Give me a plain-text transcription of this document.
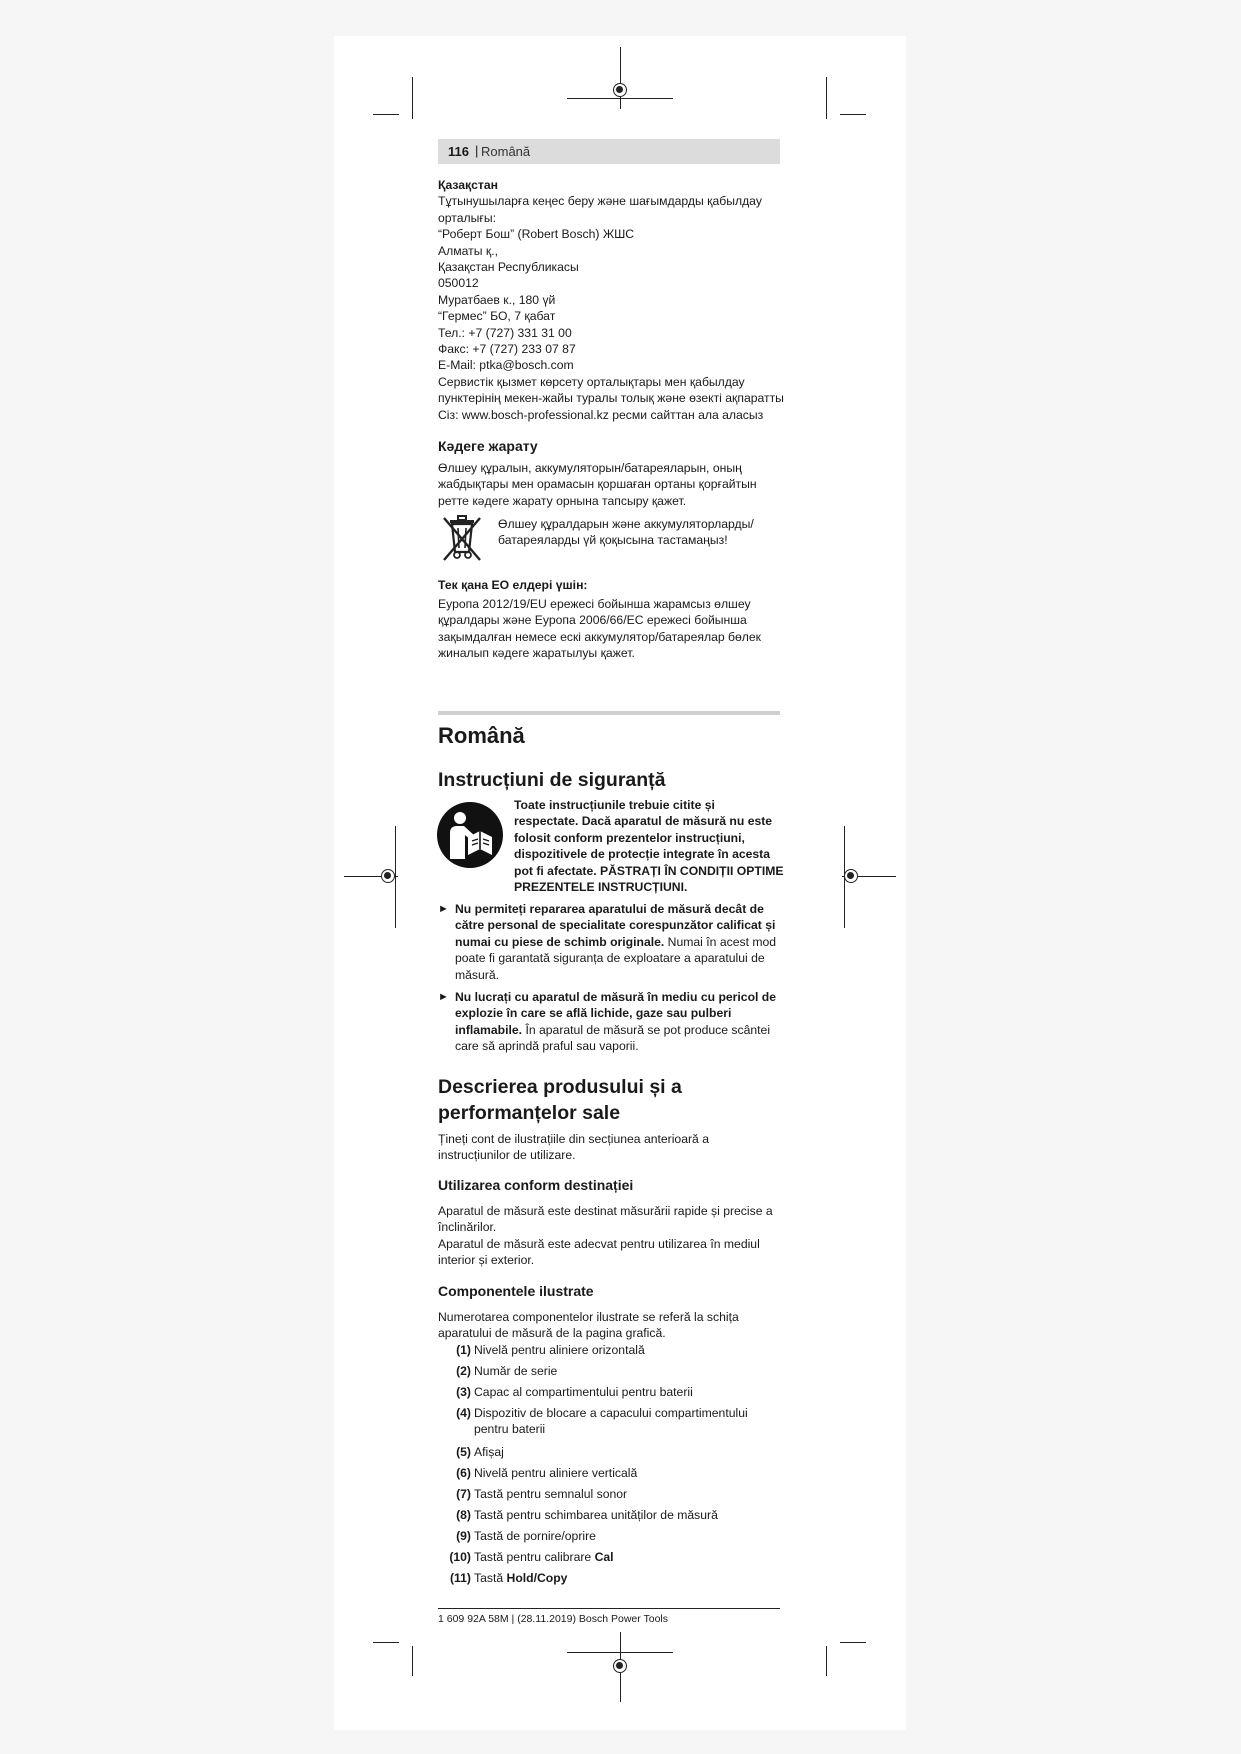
116 | Română
Қазақстан
Тұтынушыларға кеңес беру және шағымдарды қабылдау
орталығы:
“Роберт Бош” (Robert Bosch) ЖШС
Алматы қ.,
Қазақстан Республикасы
050012
Муратбаев к., 180 үй
“Гермес” БО, 7 қабат
Тел.: +7 (727) 331 31 00
Факс: +7 (727) 233 07 87
E-Mail: ptka@bosch.com
Сервистік қызмет көрсету орталықтары мен қабылдау
пунктерінің мекен-жайы туралы толық және өзекті ақпаратты
Сіз: www.bosch-professional.kz ресми сайттан ала аласыз
Кәдеге жарату
Өлшеу құралын, аккумуляторын/батареяларын, оның
жабдықтары мен орамасын қоршаған ортаны қорғайтын
ретте кәдеге жарату орнына тапсыру қажет.
Өлшеу құралдарын және аккумуляторларды/
батареяларды үй қоқысына тастамаңыз!
Тек қана ЕО елдері үшін:
Еуропа 2012/19/EU ережесі бойынша жарамсыз өлшеу
құралдары және Еуропа 2006/66/EC ережесі бойынша
зақымдалған немесе ескі аккумулятор/батареялар бөлек
жиналып кәдеге жаратылуы қажет.
Română
Instrucțiuni de siguranță
Toate instrucțiunile trebuie citite și
respectate. Dacă aparatul de măsură nu este
folosit conform prezentelor instrucțiuni,
dispozitivele de protecție integrate în acesta
pot fi afectate. PĂSTRAȚI ÎN CONDIȚII OPTIME
PREZENTELE INSTRUCȚIUNI.
► Nu permiteți repararea aparatului de măsură decât de
către personal de specialitate corespunzător calificat și
numai cu piese de schimb originale. Numai în acest mod
poate fi garantată siguranța de exploatare a aparatului de
măsură.
► Nu lucrați cu aparatul de măsură în mediu cu pericol de
explozie în care se află lichide, gaze sau pulberi
inflamabile. În aparatul de măsură se pot produce scântei
care să aprindă praful sau vaporii.
Descrierea produsului și a
performanțelor sale
Țineți cont de ilustrațiile din secțiunea anterioară a
instrucțiunilor de utilizare.
Utilizarea conform destinației
Aparatul de măsură este destinat măsurării rapide și precise a
înclinărilor.
Aparatul de măsură este adecvat pentru utilizarea în mediul
interior și exterior.
Componentele ilustrate
Numerotarea componentelor ilustrate se referă la schița
aparatului de măsură de la pagina grafică.
(1) Nivelă pentru aliniere orizontală
(2) Număr de serie
(3) Capac al compartimentului pentru baterii
(4) Dispozitiv de blocare a capacului compartimentului
pentru baterii
(5) Afișaj
(6) Nivelă pentru aliniere verticală
(7) Tastă pentru semnalul sonor
(8) Tastă pentru schimbarea unităților de măsură
(9) Tastă de pornire/oprire
(10) Tastă pentru calibrare Cal
(11) Tastă Hold/Copy
1 609 92A 58M | (28.11.2019) Bosch Power Tools
